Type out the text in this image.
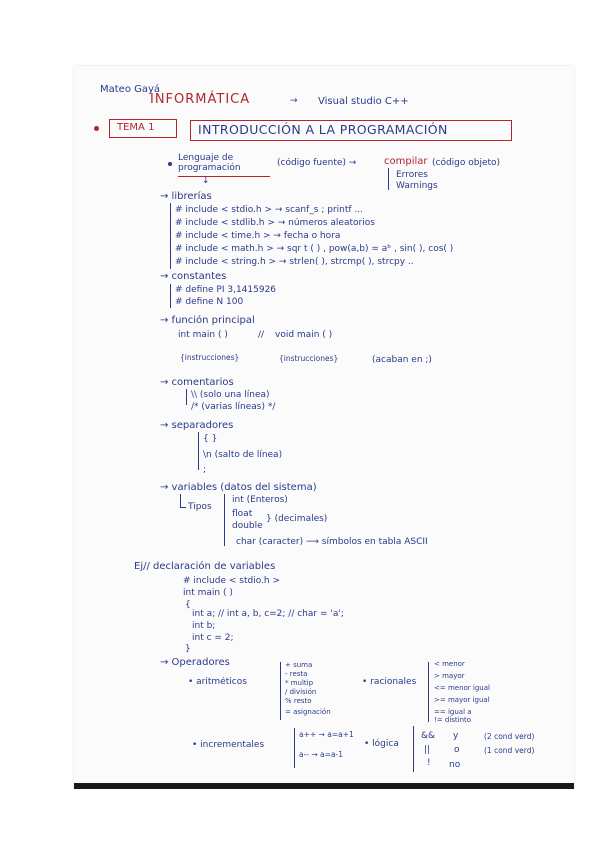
Mateo Gayá
INFORMÁTICA	→ Visual studio C++
TEMA 1	INTRODUCCIÓN A LA PROGRAMACIÓN
Lenguaje de programación
↓
(código fuente) →	compilar (código objeto)
Errores
Warnings
→ librerías
# include < stdio.h > → scanf_s ; printf ...
# include < stdlib.h > → números aleatorios
# include < time.h > → fecha o hora
# include < math.h > → sqr t ( ) , pow(a,b) = aᵇ , sin( ), cos( )
# include < string.h > → strlen( ), strcmp( ), strcpy ..
→ constantes
# define PI 3,1415926
# define N 100
→ función principal
int main ( )	// void main ( )
{instrucciones}	{instrucciones}	(acaban en ;)
→ comentarios
\\ (solo una línea)
/* (varias líneas) */
→ separadores
{ }
\n (salto de línea)
;
→ variables (datos del sistema)
Tipos
int (Enteros)
float
double
} (decimales)
char (caracter) ⟶ símbolos en tabla ASCII
Ej// declaración de variables
# include < stdio.h >
int main ( )
{
int a; // int a, b, c=2; // char = 'a';
int b;
int c = 2;
}
→ Operadores
• aritméticos
+ suma
- resta
* multip
/ división
% resto
= asignación
• racionales
< menor
> mayor
<= menor igual
>= mayor igual
== igual a
!= distinto
• incrementales
a++ → a=a+1
a-- → a=a-1
• lógica
&& y	(2 cond verd)
||	o	(1 cond verd)
! no
